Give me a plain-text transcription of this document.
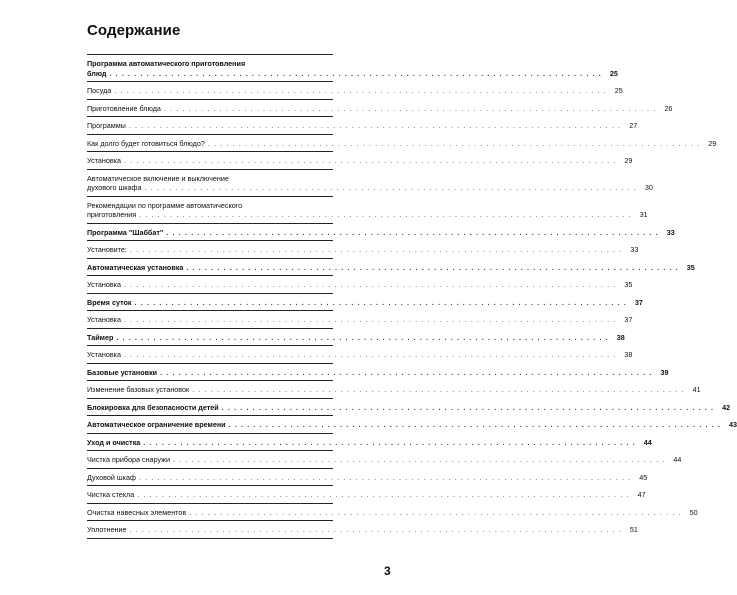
Содержание
Программа автоматического приготовления
блюд . . . . . . . . . . . . . . . . . . . . . . . . . . . . . . . . . . . . . . . . . . . . . . . . . . . . . . . . . . . . . . . . . . . . . . . . . . . . . . . .	25
Посуда . . . . . . . . . . . . . . . . . . . . . . . . . . . . . . . . . . . . . . . . . . . . . . . . . . . . . . . . . . . . . . . . . . . . . . . . . . . . . . . .	25
Приготовление блюда . . . . . . . . . . . . . . . . . . . . . . . . . . . . . . . . . . . . . . . . . . . . . . . . . . . . . . . . . . . . . . . . . . . . . . . . . . . . . . . .	26
Программы . . . . . . . . . . . . . . . . . . . . . . . . . . . . . . . . . . . . . . . . . . . . . . . . . . . . . . . . . . . . . . . . . . . . . . . . . . . . . . . .	27
Как долго будет готовиться блюдо? . . . . . . . . . . . . . . . . . . . . . . . . . . . . . . . . . . . . . . . . . . . . . . . . . . . . . . . . . . . . . . . . . . . . . . . . . . . . . . . .	29
Установка . . . . . . . . . . . . . . . . . . . . . . . . . . . . . . . . . . . . . . . . . . . . . . . . . . . . . . . . . . . . . . . . . . . . . . . . . . . . . . . .	29
Автоматическое включение и выключение
духового шкафа . . . . . . . . . . . . . . . . . . . . . . . . . . . . . . . . . . . . . . . . . . . . . . . . . . . . . . . . . . . . . . . . . . . . . . . . . . . . . . . .	30
Рекомендации по программе автоматического
приготовления . . . . . . . . . . . . . . . . . . . . . . . . . . . . . . . . . . . . . . . . . . . . . . . . . . . . . . . . . . . . . . . . . . . . . . . . . . . . . . . .	31
Программа "Шаббат" . . . . . . . . . . . . . . . . . . . . . . . . . . . . . . . . . . . . . . . . . . . . . . . . . . . . . . . . . . . . . . . . . . . . . . . . . . . . . . . .	33
Установите: . . . . . . . . . . . . . . . . . . . . . . . . . . . . . . . . . . . . . . . . . . . . . . . . . . . . . . . . . . . . . . . . . . . . . . . . . . . . . . . .	33
Автоматическая установка . . . . . . . . . . . . . . . . . . . . . . . . . . . . . . . . . . . . . . . . . . . . . . . . . . . . . . . . . . . . . . . . . . . . . . . . . . . . . . . .	35
Установка . . . . . . . . . . . . . . . . . . . . . . . . . . . . . . . . . . . . . . . . . . . . . . . . . . . . . . . . . . . . . . . . . . . . . . . . . . . . . . . .	35
Время суток . . . . . . . . . . . . . . . . . . . . . . . . . . . . . . . . . . . . . . . . . . . . . . . . . . . . . . . . . . . . . . . . . . . . . . . . . . . . . . . .	37
Установка . . . . . . . . . . . . . . . . . . . . . . . . . . . . . . . . . . . . . . . . . . . . . . . . . . . . . . . . . . . . . . . . . . . . . . . . . . . . . . . .	37
Таймер . . . . . . . . . . . . . . . . . . . . . . . . . . . . . . . . . . . . . . . . . . . . . . . . . . . . . . . . . . . . . . . . . . . . . . . . . . . . . . . .	38
Установка . . . . . . . . . . . . . . . . . . . . . . . . . . . . . . . . . . . . . . . . . . . . . . . . . . . . . . . . . . . . . . . . . . . . . . . . . . . . . . . .	38
Базовые установки . . . . . . . . . . . . . . . . . . . . . . . . . . . . . . . . . . . . . . . . . . . . . . . . . . . . . . . . . . . . . . . . . . . . . . . . . . . . . . . .	39
Изменение базовых установок . . . . . . . . . . . . . . . . . . . . . . . . . . . . . . . . . . . . . . . . . . . . . . . . . . . . . . . . . . . . . . . . . . . . . . . . . . . . . . . .	41
Блокировка для безопасности детей . . . . . . . . . . . . . . . . . . . . . . . . . . . . . . . . . . . . . . . . . . . . . . . . . . . . . . . . . . . . . . . . . . . . . . . . . . . . . . . .	42
Автоматическое ограничение времени . . . . . . . . . . . . . . . . . . . . . . . . . . . . . . . . . . . . . . . . . . . . . . . . . . . . . . . . . . . . . . . . . . . . . . . . . . . . . . . .	43
Уход и очистка . . . . . . . . . . . . . . . . . . . . . . . . . . . . . . . . . . . . . . . . . . . . . . . . . . . . . . . . . . . . . . . . . . . . . . . . . . . . . . . .	44
Чистка прибора снаружи . . . . . . . . . . . . . . . . . . . . . . . . . . . . . . . . . . . . . . . . . . . . . . . . . . . . . . . . . . . . . . . . . . . . . . . . . . . . . . . .	44
Духовой шкаф . . . . . . . . . . . . . . . . . . . . . . . . . . . . . . . . . . . . . . . . . . . . . . . . . . . . . . . . . . . . . . . . . . . . . . . . . . . . . . . .	45
Чистка стекла . . . . . . . . . . . . . . . . . . . . . . . . . . . . . . . . . . . . . . . . . . . . . . . . . . . . . . . . . . . . . . . . . . . . . . . . . . . . . . . .	47
Очистка навесных элементов . . . . . . . . . . . . . . . . . . . . . . . . . . . . . . . . . . . . . . . . . . . . . . . . . . . . . . . . . . . . . . . . . . . . . . . . . . . . . . . .	50
Уплотнение . . . . . . . . . . . . . . . . . . . . . . . . . . . . . . . . . . . . . . . . . . . . . . . . . . . . . . . . . . . . . . . . . . . . . . . . . . . . . . . .	51
3
